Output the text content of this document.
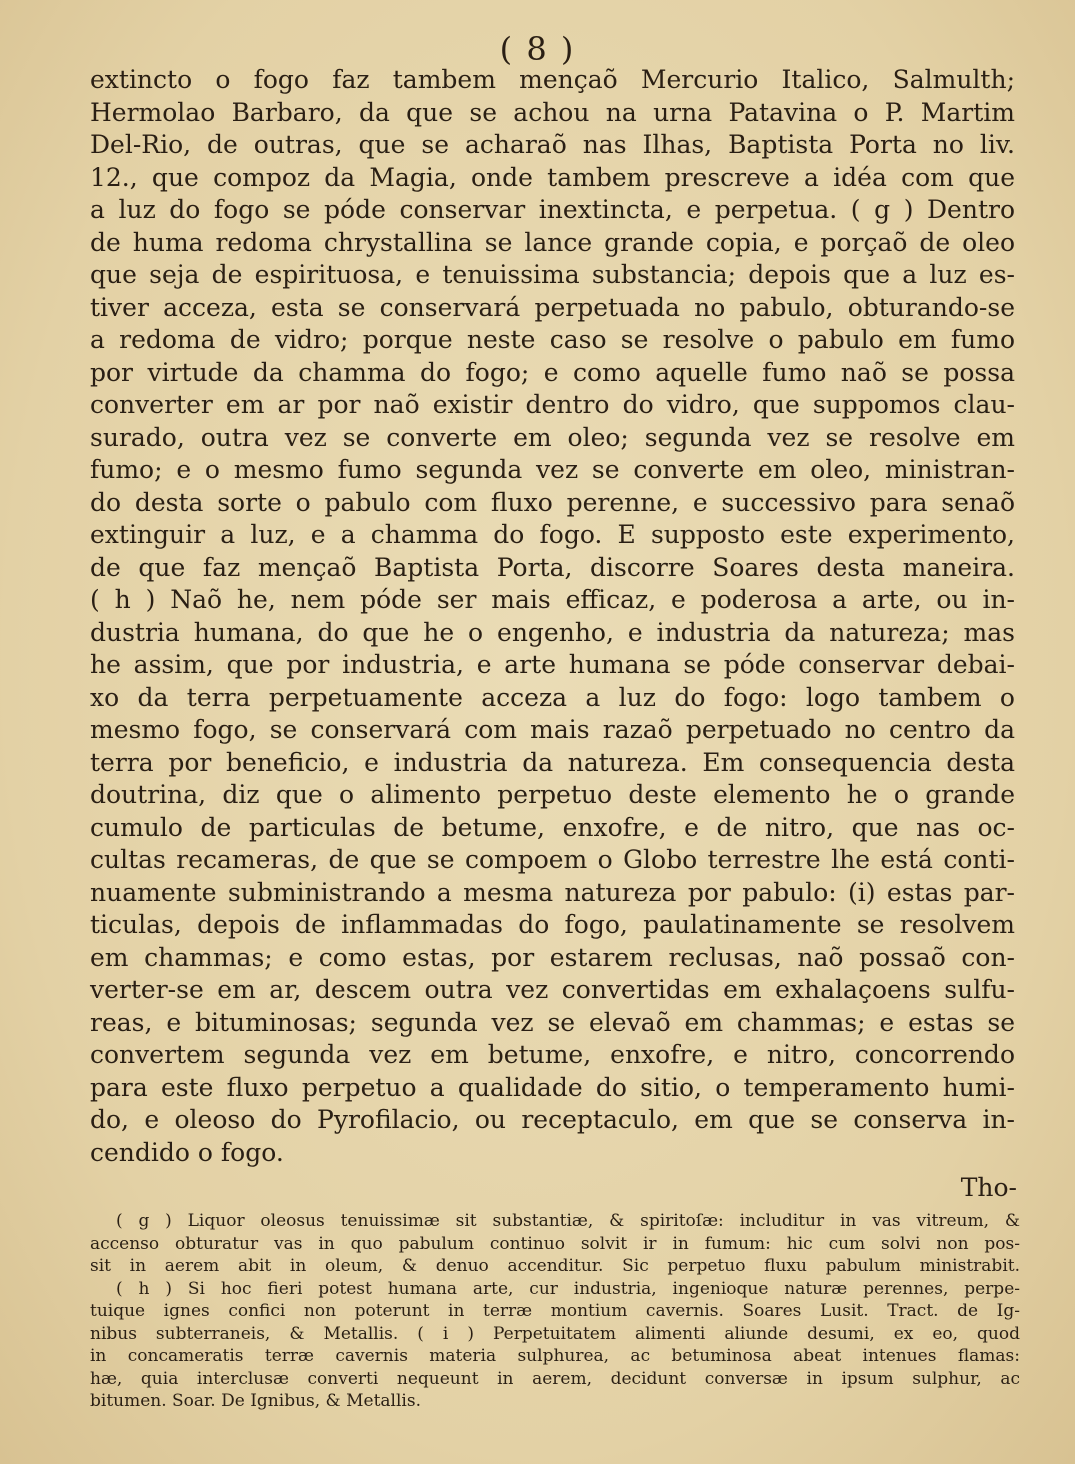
( 8 )
extincto o fogo faz tambem mençaõ Mercurio Italico, Salmulth;
Hermolao Barbaro, da que se achou na urna Patavina o P. Martim
Del-Rio, de outras, que se acharaõ nas Ilhas, Baptista Porta no liv.
12., que compoz da Magia, onde tambem prescreve a idéa com que
a luz do fogo se póde conservar inextincta, e perpetua. ( g ) Dentro
de huma redoma chrystallina se lance grande copia, e porçaõ de oleo
que seja de espirituosa, e tenuissima substancia; depois que a luz es-
tiver acceza, esta se conservará perpetuada no pabulo, obturando-se
a redoma de vidro; porque neste caso se resolve o pabulo em fumo
por virtude da chamma do fogo; e como aquelle fumo naõ se possa
converter em ar por naõ existir dentro do vidro, que suppomos clau-
surado, outra vez se converte em oleo; segunda vez se resolve em
fumo; e o mesmo fumo segunda vez se converte em oleo, ministran-
do desta sorte o pabulo com fluxo perenne, e successivo para senaõ
extinguir a luz, e a chamma do fogo. E supposto este experimento,
de que faz mençaõ Baptista Porta, discorre Soares desta maneira.
( h ) Naõ he, nem póde ser mais efficaz, e poderosa a arte, ou in-
dustria humana, do que he o engenho, e industria da natureza; mas
he assim, que por industria, e arte humana se póde conservar debai-
xo da terra perpetuamente acceza a luz do fogo: logo tambem o
mesmo fogo, se conservará com mais razaõ perpetuado no centro da
terra por beneficio, e industria da natureza. Em consequencia desta
doutrina, diz que o alimento perpetuo deste elemento he o grande
cumulo de particulas de betume, enxofre, e de nitro, que nas oc-
cultas recameras, de que se compoem o Globo terrestre lhe está conti-
nuamente subministrando a mesma natureza por pabulo: (i) estas par-
ticulas, depois de inflammadas do fogo, paulatinamente se resolvem
em chammas; e como estas, por estarem reclusas, naõ possaõ con-
verter-se em ar, descem outra vez convertidas em exhalaçoens sulfu-
reas, e bituminosas; segunda vez se elevaõ em chammas; e estas se
convertem segunda vez em betume, enxofre, e nitro, concorrendo
para este fluxo perpetuo a qualidade do sitio, o temperamento humi-
do, e oleoso do Pyrofilacio, ou receptaculo, em que se conserva in-
cendido o fogo.
Tho-
( g ) Liquor oleosus tenuissimæ sit substantiæ, & spiritoſæ: includitur in vas vitreum, &
accenso obturatur vas in quo pabulum continuo solvit ir in fumum: hic cum solvi non pos-
sit in aerem abit in oleum, & denuo accenditur. Sic perpetuo fluxu pabulum ministrabit.
( h ) Si hoc fieri potest humana arte, cur industria, ingenioque naturæ perennes, perpe-
tuique ignes confici non poterunt in terræ montium cavernis. Soares Lusit. Tract. de Ig-
nibus subterraneis, & Metallis. ( i ) Perpetuitatem alimenti aliunde desumi, ex eo, quod
in concameratis terræ cavernis materia sulphurea, ac betuminosa abeat intenues flamas:
hæ, quia interclusæ converti nequeunt in aerem, decidunt conversæ in ipsum sulphur, ac
bitumen. Soar. De Ignibus, & Metallis.
